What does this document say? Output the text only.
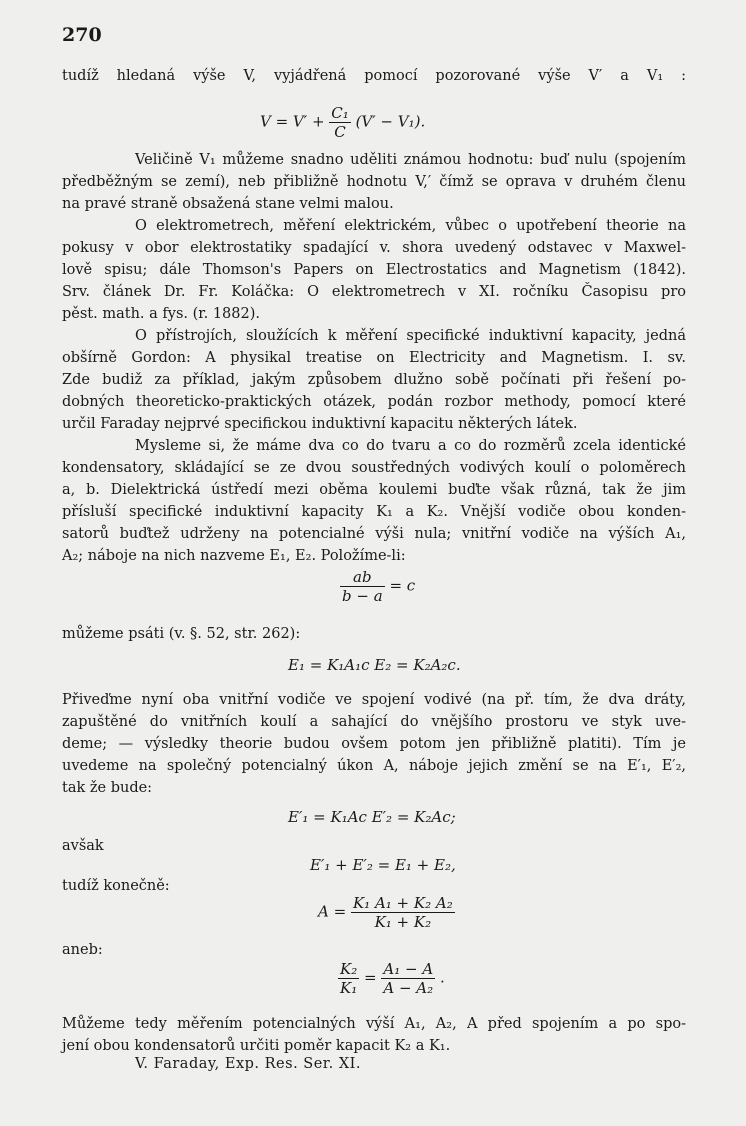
270
tudíž hledaná výše V, vyjádřená pomocí pozorované výše V′ a V₁ :
$V = V' + \frac{\text{C₁}}{C} (V' - V_1)$.
Veličině V₁ můžeme snadno uděliti známou hodnotu: buď nulu (spojením
předběžným se zemí), neb přibližně hodnotu V,′ čímž se oprava v druhém členu
na pravé straně obsažená stane velmi malou.
O elektrometrech, měření elektrickém, vůbec o upotřebení theorie na
pokusy v obor elektrostatiky spadající v. shora uvedený odstavec v Maxwel-
lově spisu; dále Thomson's Papers on Electrostatics and Magnetism (1842).
Srv. článek Dr. Fr. Koláčka: O elektrometrech v XI. ročníku Časopisu pro
pěst. math. a fys. (r. 1882).
O přístrojích, sloužících k měření specifické induktivní kapacity, jedná
obšírně Gordon: A physikal treatise on Electricity and Magnetism. I. sv.
Zde budiž za příklad, jakým způsobem dlužno sobě počínati při řešení po-
dobných theoreticko-praktických otázek, podán rozbor methody, pomocí které
určil Faraday nejprvé specifickou induktivní kapacitu některých látek.
Mysleme si, že máme dva co do tvaru a co do rozměrů zcela identické
kondensatory, skládající se ze dvou soustředných vodivých koulí o poloměrech
a, b. Dielektrická ústředí mezi oběma koulemi buďte však různá, tak že jim
přísluší specifické induktivní kapacity K₁ a K₂. Vnější vodiče obou konden-
satorů buďtež udrženy na potencialné výši nula; vnitřní vodiče na výších A₁,
A₂; náboje na nich nazveme E₁, E₂. Položíme-li:
$\frac{ab}{b - a} = c$
můžeme psáti (v. §. 52, str. 262):
E₁ = K₁A₁c E₂ = K₂A₂c.
Přiveďme nyní oba vnitřní vodiče ve spojení vodivé (na př. tím, že dva dráty,
zapuštěné do vnitřních koulí a sahající do vnějšího prostoru ve styk uve-
deme; — výsledky theorie budou ovšem potom jen přibližně platiti). Tím je
uvedeme na společný potencialný úkon A, náboje jejich změní se na E′₁, E′₂,
tak že bude:
E′₁ = K₁Ac E′₂ = K₂Ac;
avšak
E′₁ + E′₂ = E₁ + E₂,
tudíž konečně:
$A = \frac{\text{K₁ A₁ + K₂ A₂}}{\text{K₁ + K₂}}$
aneb:
$\frac{\text{K₂}}{\text{K₁}} = \frac{\text{A₁ − A}}{\text{A − A₂}}$ .
Můžeme tedy měřením potencialných výší A₁, A₂, A před spojením a po spo-
jení obou kondensatorů určiti poměr kapacit K₂ a K₁.
V. Faraday, Exp. Res. Ser. XI.
